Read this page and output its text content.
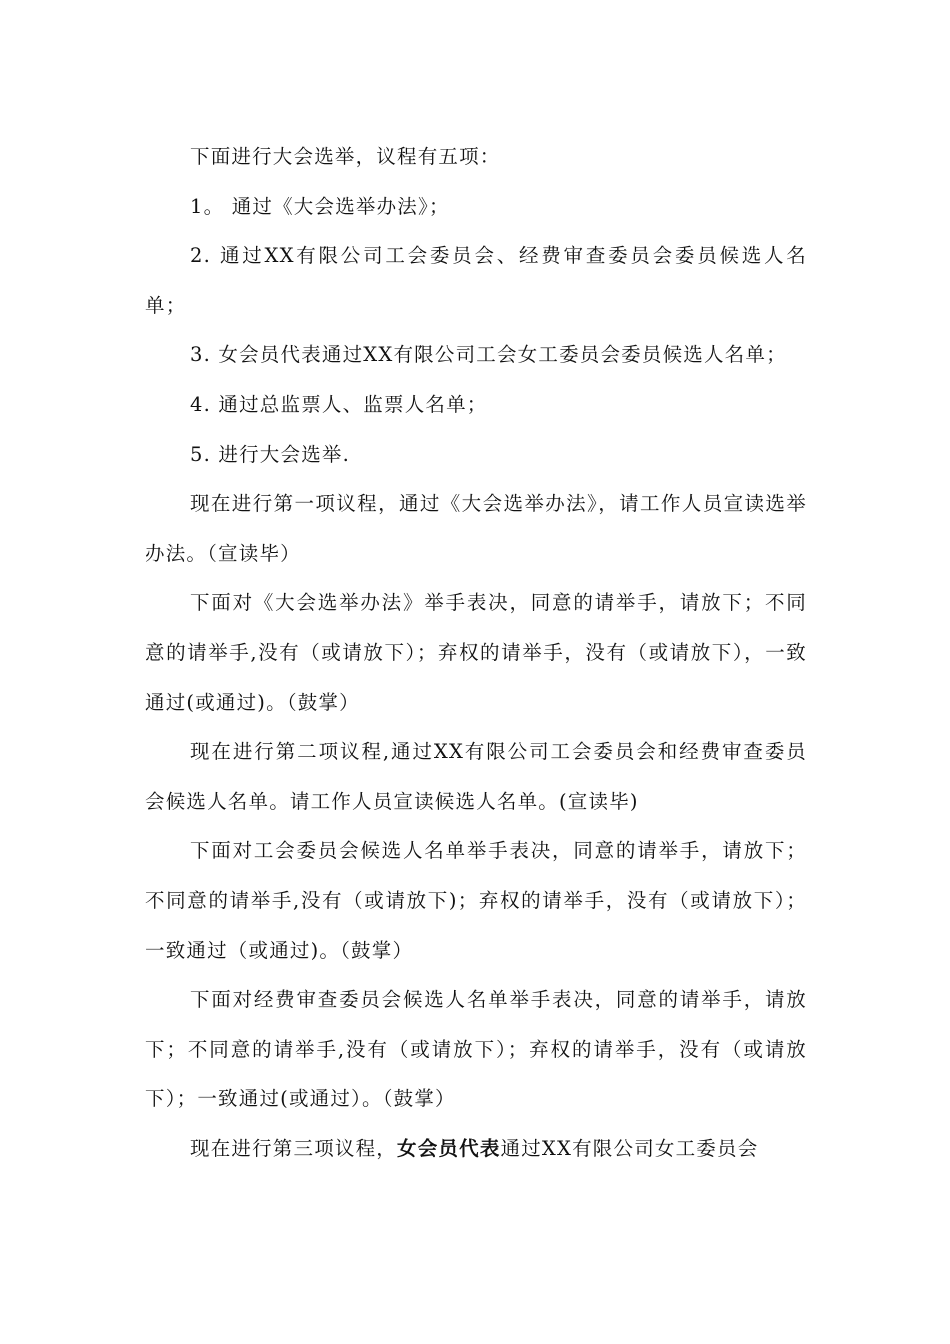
下面进行大会选举，议程有五项：

1。 通过《大会选举办法》；

2. 通过XX有限公司工会委员会、经费审查委员会委员候选人名单；

3. 女会员代表通过XX有限公司工会女工委员会委员候选人名单；

4. 通过总监票人、监票人名单；

5. 进行大会选举.

现在进行第一项议程，通过《大会选举办法》，请工作人员宣读选举办法。（宣读毕）

下面对《大会选举办法》举手表决，同意的请举手，请放下；不同意的请举手,没有（或请放下）；弃权的请举手，没有（或请放下），一致通过(或通过)。（鼓掌）

现在进行第二项议程,通过XX有限公司工会委员会和经费审查委员会候选人名单。请工作人员宣读候选人名单。(宣读毕)

下面对工会委员会候选人名单举手表决，同意的请举手，请放下；不同意的请举手,没有（或请放下)；弃权的请举手，没有（或请放下）；一致通过（或通过)。（鼓掌）

下面对经费审查委员会候选人名单举手表决，同意的请举手，请放下；不同意的请举手,没有（或请放下）；弃权的请举手，没有（或请放下）；一致通过(或通过）。（鼓掌）

现在进行第三项议程，女会员代表通过XX有限公司女工委员会
